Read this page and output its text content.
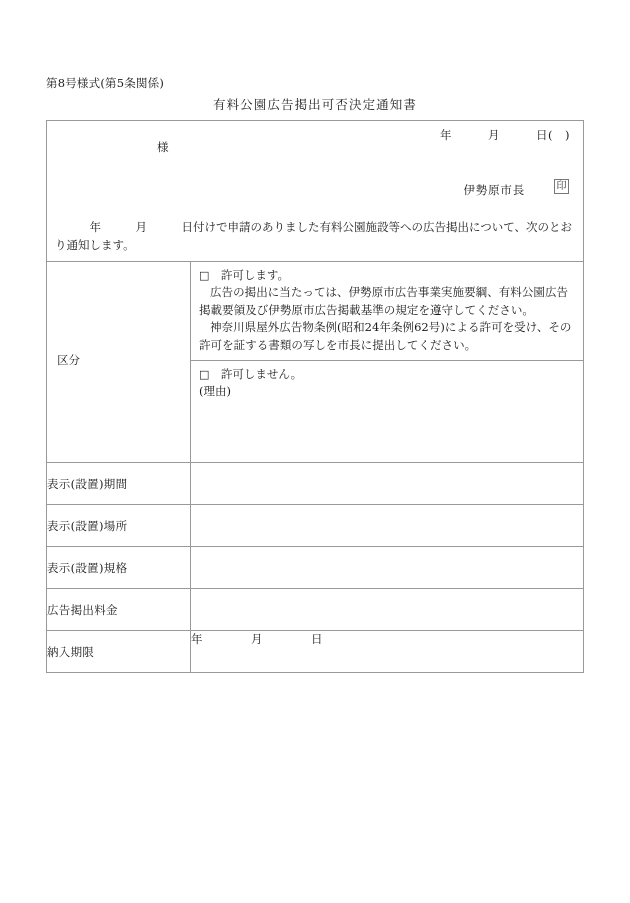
第8号様式(第5条関係)
有料公園広告掲出可否決定通知書
年　　　月　　　日(　)
様
伊勢原市長	印
　　　年　　　月　　　日付けで申請のありました有料公園施設等への広告掲出について、次のとおり通知します。
区分	□　 許可します。
広告の掲出に当たっては、伊勢原市広告事業実施要綱、有料公園広告掲載要領及び伊勢原市広告掲載基準の規定を遵守してください。
神奈川県屋外広告物条例(昭和24年条例62号)による許可を受け、その許可を証する書類の写しを市長に提出してください。
□　 許可しません。
(理由)

表示(設置)期間	
表示(設置)場所	
表示(設置)規格	
広告掲出料金	
納入期限	年　　　　月　　　　日
